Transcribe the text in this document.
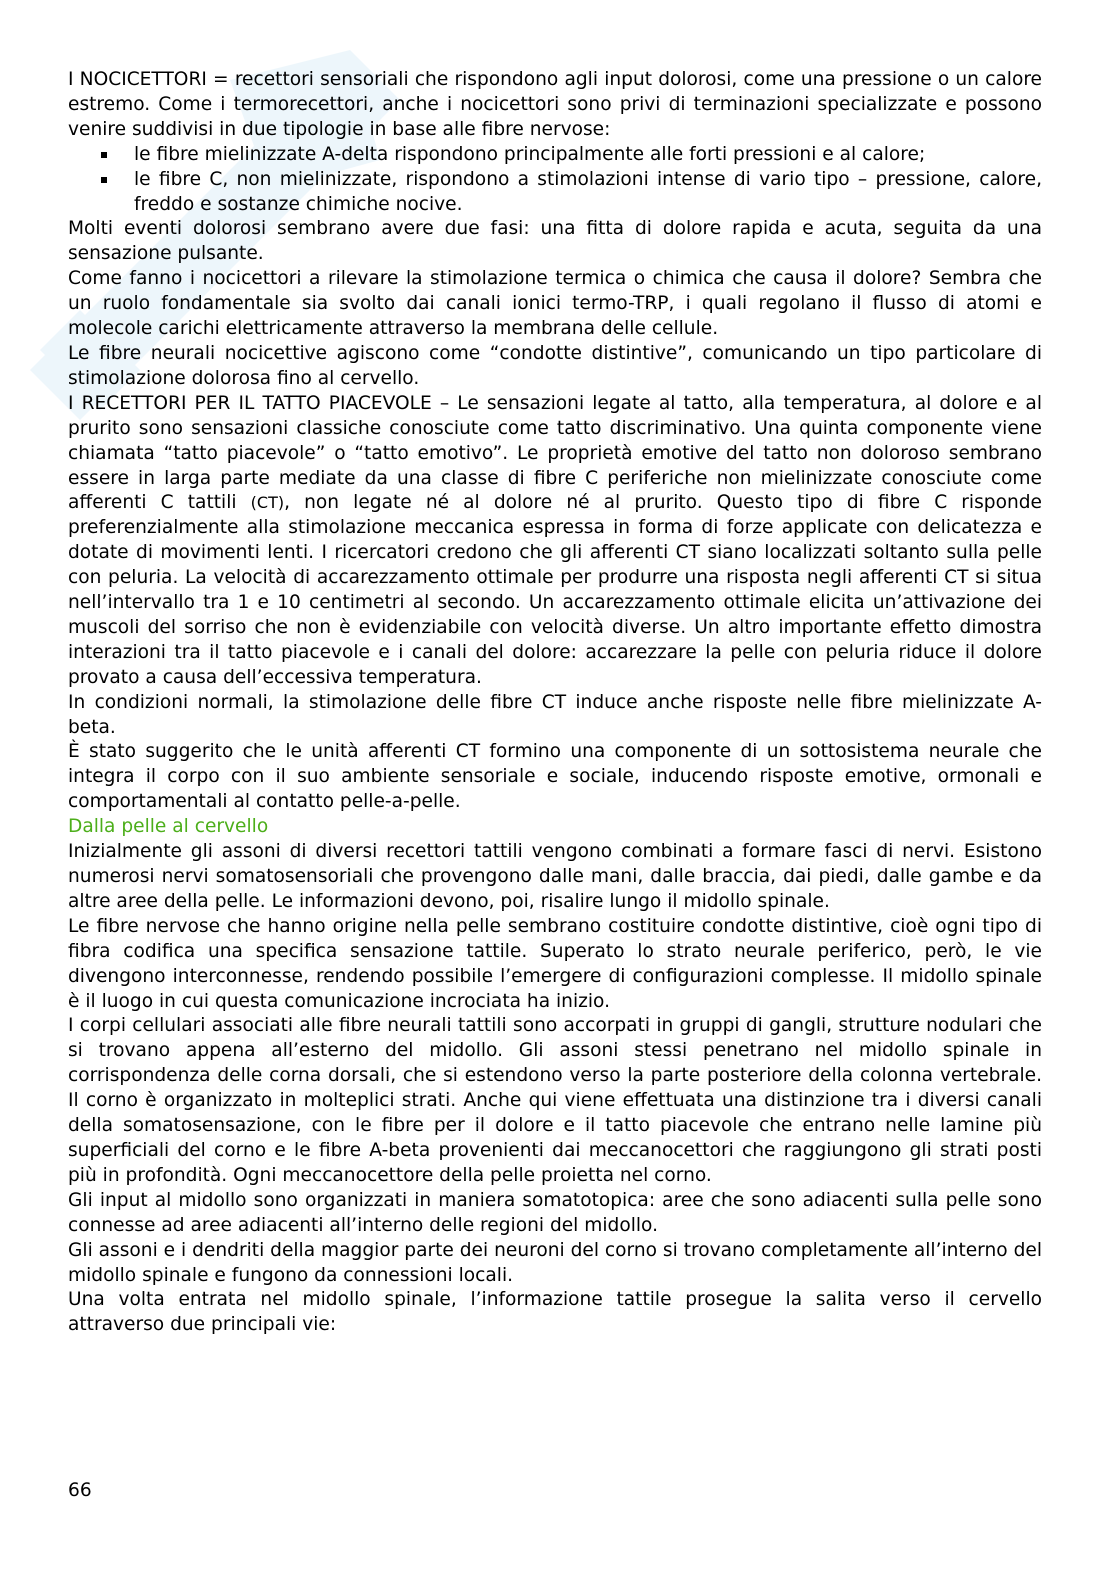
I NOCICETTORI = recettori sensoriali che rispondono agli input dolorosi, come una pressione o un calore estremo. Come i termorecettori, anche i nocicettori sono privi di terminazioni specializzate e possono venire suddivisi in due tipologie in base alle fibre nervose:

le fibre mielinizzate A-delta rispondono principalmente alle forti pressioni e al calore;
le fibre C, non mielinizzate, rispondono a stimolazioni intense di vario tipo – pressione, calore, freddo e sostanze chimiche nocive.

Molti eventi dolorosi sembrano avere due fasi: una fitta di dolore rapida e acuta, seguita da una sensazione pulsante.

Come fanno i nocicettori a rilevare la stimolazione termica o chimica che causa il dolore? Sembra che un ruolo fondamentale sia svolto dai canali ionici termo-TRP, i quali regolano il flusso di atomi e molecole carichi elettricamente attraverso la membrana delle cellule.

Le fibre neurali nocicettive agiscono come “condotte distintive”, comunicando un tipo particolare di stimolazione dolorosa fino al cervello.

I RECETTORI PER IL TATTO PIACEVOLE – Le sensazioni legate al tatto, alla temperatura, al dolore e al prurito sono sensazioni classiche conosciute come tatto discriminativo. Una quinta componente viene chiamata “tatto piacevole” o “tatto emotivo”. Le proprietà emotive del tatto non doloroso sembrano essere in larga parte mediate da una classe di fibre C periferiche non mielinizzate conosciute come afferenti C tattili (CT), non legate né al dolore né al prurito. Questo tipo di fibre C risponde preferenzialmente alla stimolazione meccanica espressa in forma di forze applicate con delicatezza e dotate di movimenti lenti. I ricercatori credono che gli afferenti CT siano localizzati soltanto sulla pelle con peluria. La velocità di accarezzamento ottimale per produrre una risposta negli afferenti CT si situa nell’intervallo tra 1 e 10 centimetri al secondo. Un accarezzamento ottimale elicita un’attivazione dei muscoli del sorriso che non è evidenziabile con velocità diverse. Un altro importante effetto dimostra interazioni tra il tatto piacevole e i canali del dolore: accarezzare la pelle con peluria riduce il dolore provato a causa dell’eccessiva temperatura.

In condizioni normali, la stimolazione delle fibre CT induce anche risposte nelle fibre mielinizzate A-beta.

È stato suggerito che le unità afferenti CT formino una componente di un sottosistema neurale che integra il corpo con il suo ambiente sensoriale e sociale, inducendo risposte emotive, ormonali e comportamentali al contatto pelle-a-pelle.

Dalla pelle al cervello

Inizialmente gli assoni di diversi recettori tattili vengono combinati a formare fasci di nervi. Esistono numerosi nervi somatosensoriali che provengono dalle mani, dalle braccia, dai piedi, dalle gambe e da altre aree della pelle. Le informazioni devono, poi, risalire lungo il midollo spinale.

Le fibre nervose che hanno origine nella pelle sembrano costituire condotte distintive, cioè ogni tipo di fibra codifica una specifica sensazione tattile. Superato lo strato neurale periferico, però, le vie divengono interconnesse, rendendo possibile l’emergere di configurazioni complesse. Il midollo spinale è il luogo in cui questa comunicazione incrociata ha inizio.

I corpi cellulari associati alle fibre neurali tattili sono accorpati in gruppi di gangli, strutture nodulari che si trovano appena all’esterno del midollo. Gli assoni stessi penetrano nel midollo spinale in corrispondenza delle corna dorsali, che si estendono verso la parte posteriore della colonna vertebrale. Il corno è organizzato in molteplici strati. Anche qui viene effettuata una distinzione tra i diversi canali della somatosensazione, con le fibre per il dolore e il tatto piacevole che entrano nelle lamine più superficiali del corno e le fibre A-beta provenienti dai meccanocettori che raggiungono gli strati posti più in profondità. Ogni meccanocettore della pelle proietta nel corno.

Gli input al midollo sono organizzati in maniera somatotopica: aree che sono adiacenti sulla pelle sono connesse ad aree adiacenti all’interno delle regioni del midollo.

Gli assoni e i dendriti della maggior parte dei neuroni del corno si trovano completamente all’interno del midollo spinale e fungono da connessioni locali.

Una volta entrata nel midollo spinale, l’informazione tattile prosegue la salita verso il cervello attraverso due principali vie:

66
